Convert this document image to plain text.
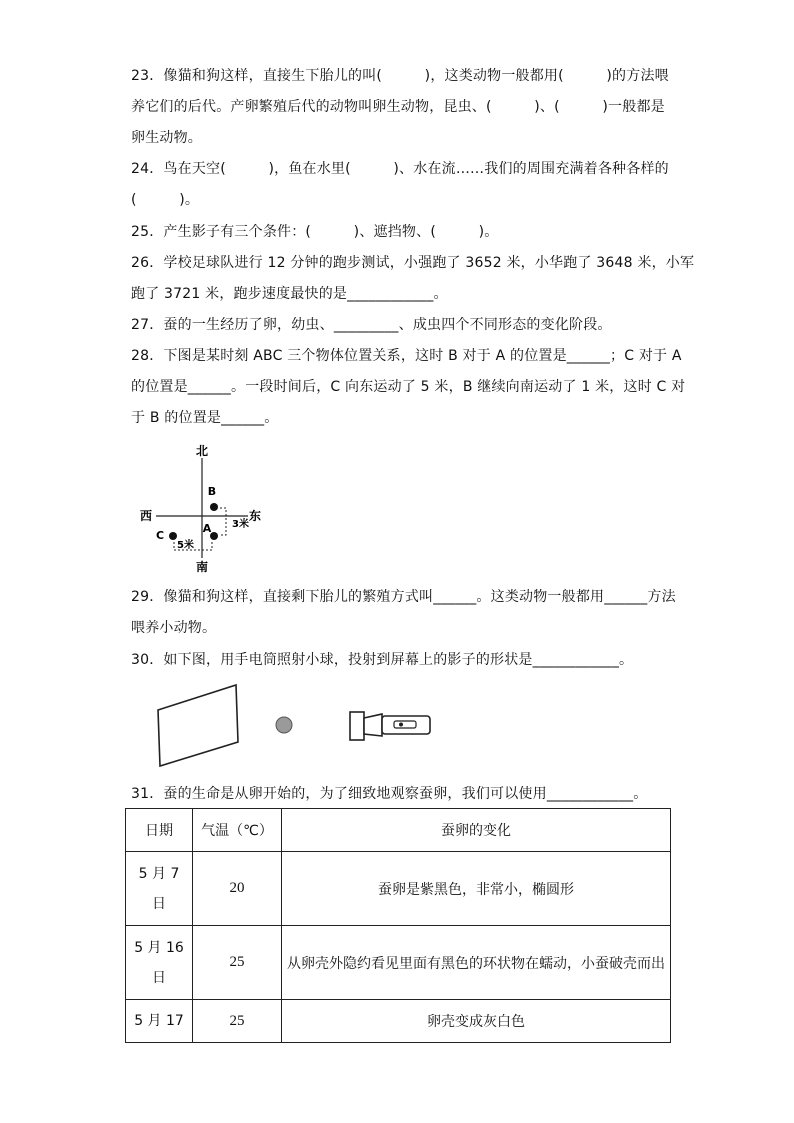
23．像猫和狗这样，直接生下胎儿的叫(　　　)，这类动物一般都用(　　　)的方法喂
养它们的后代。产卵繁殖后代的动物叫卵生动物，昆虫、(　　　)、(　　　)一般都是
卵生动物。
24．鸟在天空(　　　)，鱼在水里(　　　)、水在流……我们的周围充满着各种各样的
(　　　)。
25．产生影子有三个条件：(　　　)、遮挡物、(　　　)。
26．学校足球队进行 12 分钟的跑步测试，小强跑了 3652 米，小华跑了 3648 米，小军
跑了 3721 米，跑步速度最快的是____________。
27．蚕的一生经历了卵，幼虫、_________、成虫四个不同形态的变化阶段。
28．下图是某时刻 ABC 三个物体位置关系，这时 B 对于 A 的位置是______；C 对于 A
的位置是______。一段时间后，C 向东运动了 5 米，B 继续向南运动了 1 米，这时 C 对
于 B 的位置是______。
北
南
东
西
B
A
C
3米
5米
29．像猫和狗这样，直接剩下胎儿的繁殖方式叫______。这类动物一般都用______方法
喂养小动物。
30．如下图，用手电筒照射小球，投射到屏幕上的影子的形状是____________。
31．蚕的生命是从卵开始的，为了细致地观察蚕卵，我们可以使用____________。
日期	气温（℃）	蚕卵的变化

5 月 7
日	20	蚕卵是紫黑色，非常小，椭圆形

5 月 16
日	25	从卵壳外隐约看见里面有黑色的环状物在蠕动，小蚕破壳而出

5 月 17	25	卵壳变成灰白色
